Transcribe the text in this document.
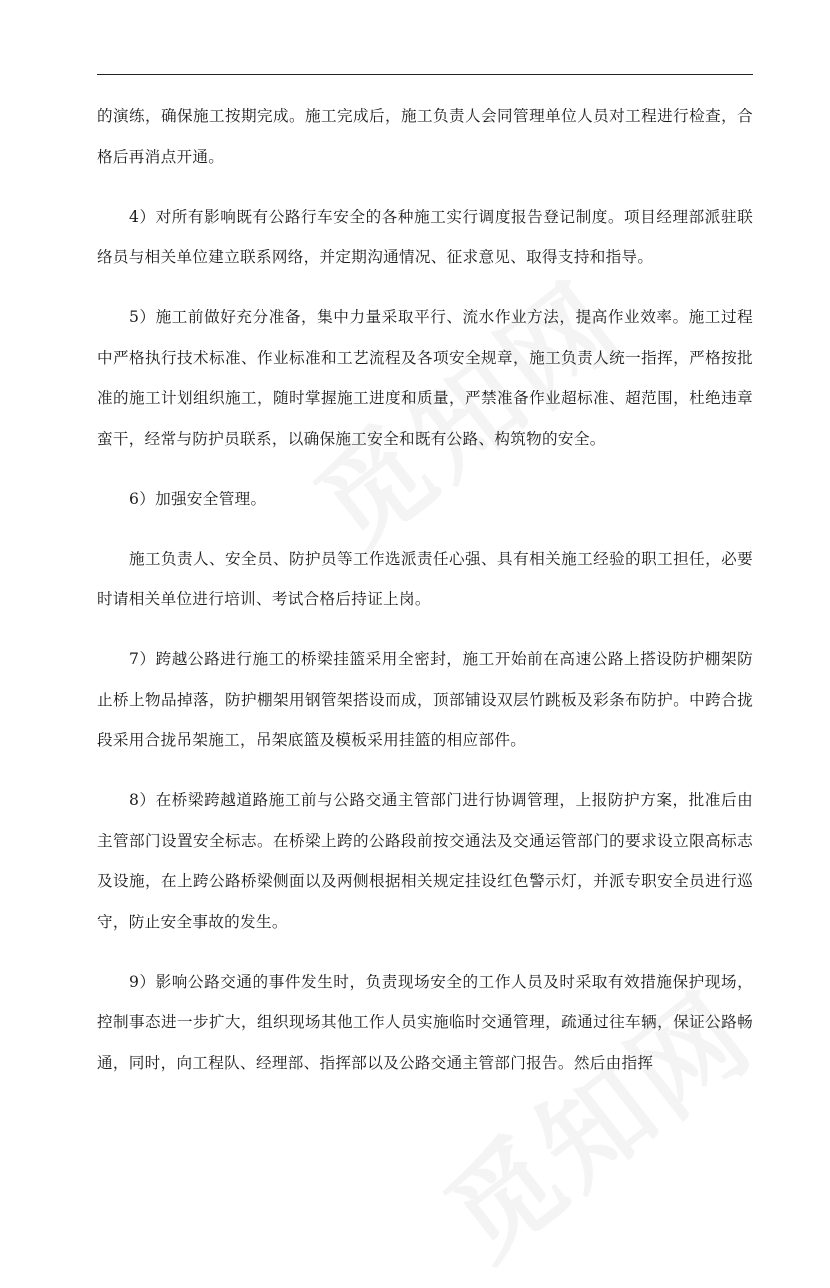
的演练，确保施工按期完成。施工完成后，施工负责人会同管理单位人员对工程进行检查，合格后再消点开通。

4）对所有影响既有公路行车安全的各种施工实行调度报告登记制度。项目经理部派驻联络员与相关单位建立联系网络，并定期沟通情况、征求意见、取得支持和指导。

5）施工前做好充分准备，集中力量采取平行、流水作业方法，提高作业效率。施工过程中严格执行技术标准、作业标准和工艺流程及各项安全规章，施工负责人统一指挥，严格按批准的施工计划组织施工，随时掌握施工进度和质量，严禁准备作业超标准、超范围，杜绝违章蛮干，经常与防护员联系，以确保施工安全和既有公路、构筑物的安全。

6）加强安全管理。

施工负责人、安全员、防护员等工作选派责任心强、具有相关施工经验的职工担任，必要时请相关单位进行培训、考试合格后持证上岗。

7）跨越公路进行施工的桥梁挂篮采用全密封，施工开始前在高速公路上搭设防护棚架防止桥上物品掉落，防护棚架用钢管架搭设而成，顶部铺设双层竹跳板及彩条布防护。中跨合拢段采用合拢吊架施工，吊架底篮及模板采用挂篮的相应部件。

8）在桥梁跨越道路施工前与公路交通主管部门进行协调管理，上报防护方案，批准后由主管部门设置安全标志。在桥梁上跨的公路段前按交通法及交通运管部门的要求设立限高标志及设施，在上跨公路桥梁侧面以及两侧根据相关规定挂设红色警示灯，并派专职安全员进行巡守，防止安全事故的发生。

9）影响公路交通的事件发生时，负责现场安全的工作人员及时采取有效措施保护现场，控制事态进一步扩大，组织现场其他工作人员实施临时交通管理，疏通过往车辆，保证公路畅通，同时，向工程队、经理部、指挥部以及公路交通主管部门报告。然后由指挥
